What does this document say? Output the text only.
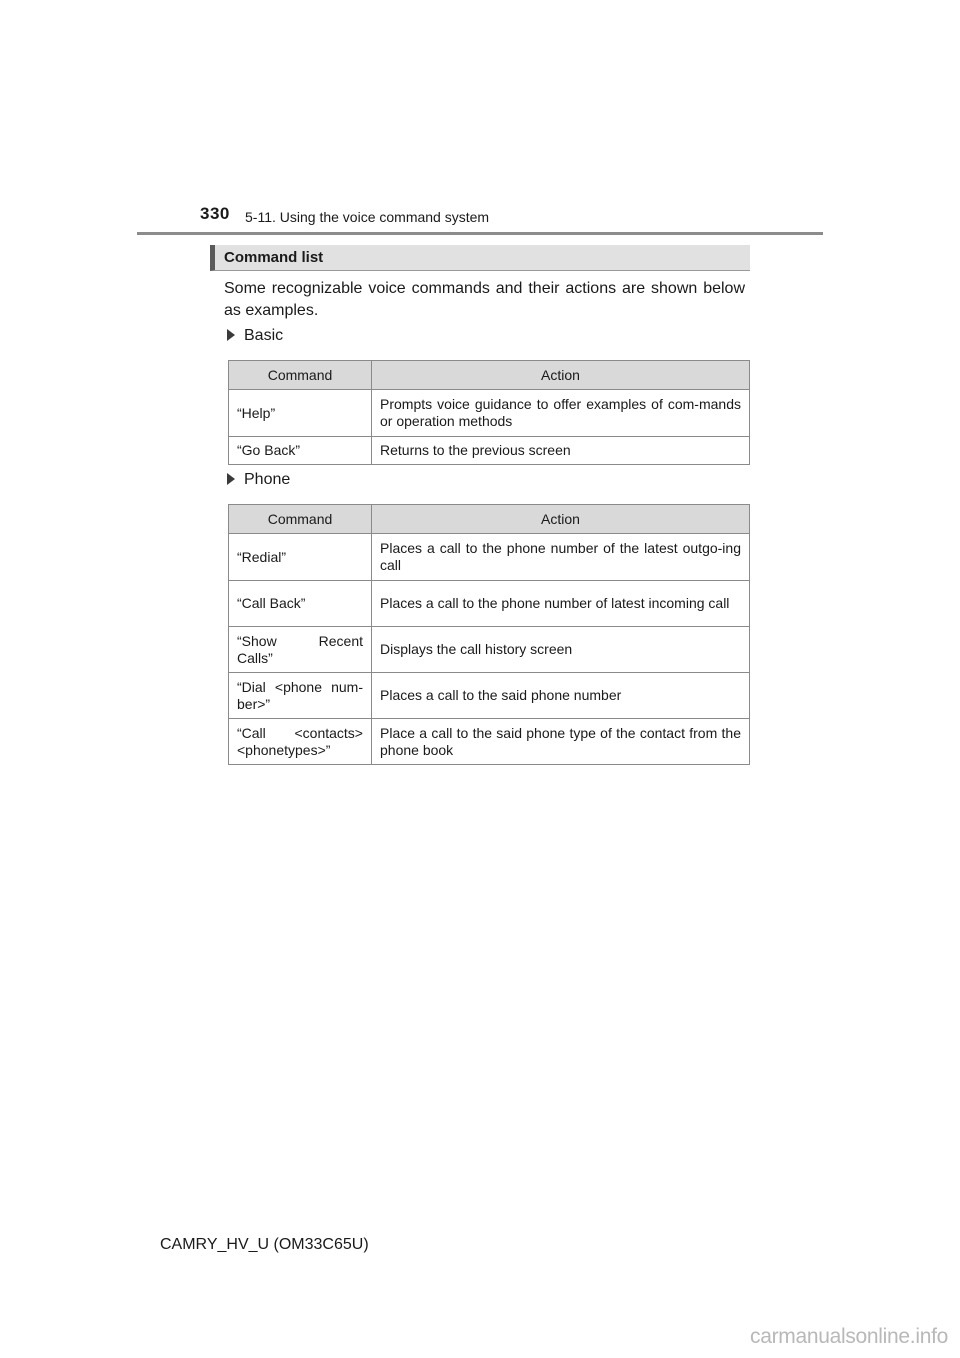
330 5-11. Using the voice command system
Command list
Some recognizable voice commands and their actions are shown below as examples.
Basic
Command	Action
“Help”	Prompts voice guidance to offer examples of com-mands or operation methods
“Go Back”	Returns to the previous screen
Phone
Command	Action
“Redial”	Places a call to the phone number of the latest outgo-ing call
“Call Back”	Places a call to the phone number of latest incoming call
“Show Recent Calls”	Displays the call history screen
“Dial <phone num-ber>”	Places a call to the said phone number
“Call <contacts> <phonetypes>”	Place a call to the said phone type of the contact from the phone book
CAMRY_HV_U (OM33C65U)
carmanualsonline.info
